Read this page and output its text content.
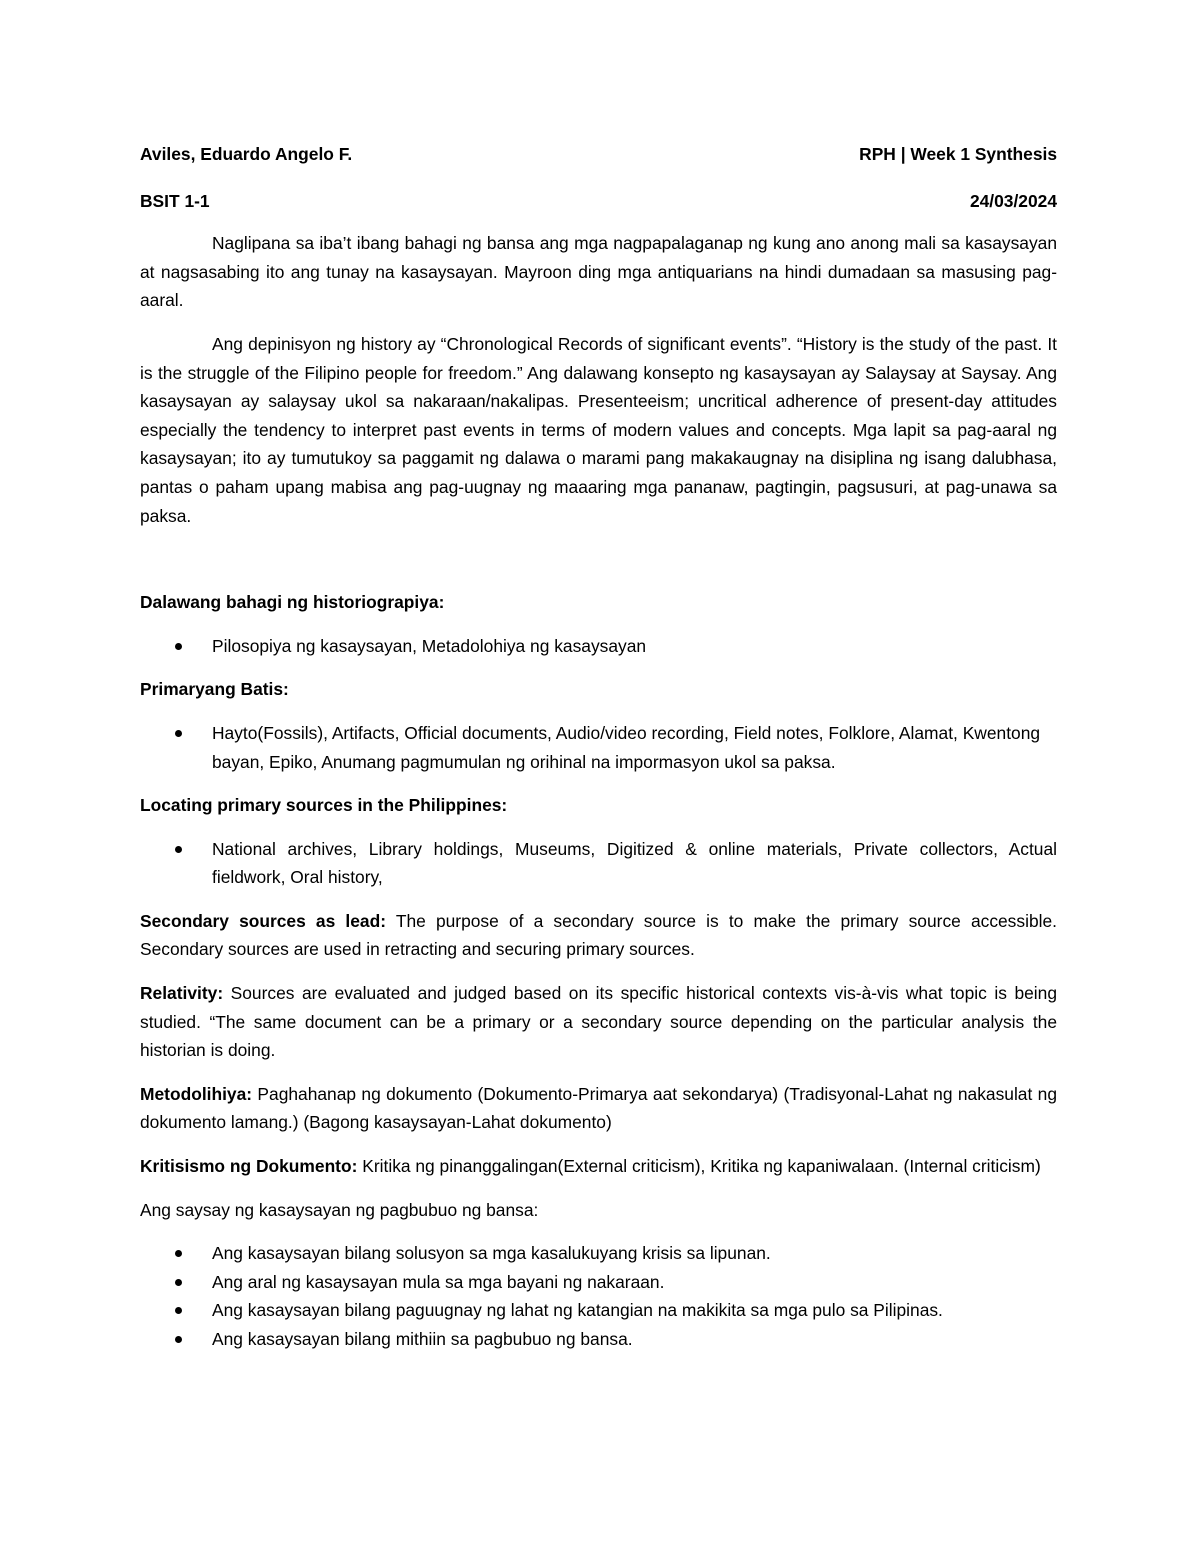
Aviles, Eduardo Angelo F.	RPH | Week 1 Synthesis
BSIT 1-1	24/03/2024

Naglipana sa iba’t ibang bahagi ng bansa ang mga nagpapalaganap ng kung ano anong mali sa kasaysayan at nagsasabing ito ang tunay na kasaysayan. Mayroon ding mga antiquarians na hindi dumadaan sa masusing pag-aaral.

Ang depinisyon ng history ay “Chronological Records of significant events”. “History is the study of the past. It is the struggle of the Filipino people for freedom.” Ang dalawang konsepto ng kasaysayan ay Salaysay at Saysay. Ang kasaysayan ay salaysay ukol sa nakaraan/nakalipas. Presenteeism; uncritical adherence of present-day attitudes especially the tendency to interpret past events in terms of modern values and concepts. Mga lapit sa pag-aaral ng kasaysayan; ito ay tumutukoy sa paggamit ng dalawa o marami pang makakaugnay na disiplina ng isang dalubhasa, pantas o paham upang mabisa ang pag-uugnay ng maaaring mga pananaw, pagtingin, pagsusuri, at pag-unawa sa paksa.

Dalawang bahagi ng historiograpiya:

Pilosopiya ng kasaysayan, Metadolohiya ng kasaysayan

Primaryang Batis:

Hayto(Fossils), Artifacts, Official documents, Audio/video recording, Field notes, Folklore, Alamat, Kwentong bayan, Epiko, Anumang pagmumulan ng orihinal na impormasyon ukol sa paksa.

Locating primary sources in the Philippines:

National archives, Library holdings, Museums, Digitized & online materials, Private collectors, Actual fieldwork, Oral history,

Secondary sources as lead: The purpose of a secondary source is to make the primary source accessible. Secondary sources are used in retracting and securing primary sources.

Relativity: Sources are evaluated and judged based on its specific historical contexts vis-à-vis what topic is being studied. “The same document can be a primary or a secondary source depending on the particular analysis the historian is doing.

Metodolihiya: Paghahanap ng dokumento (Dokumento-Primarya aat sekondarya) (Tradisyonal-Lahat ng nakasulat ng dokumento lamang.) (Bagong kasaysayan-Lahat dokumento)

Kritisismo ng Dokumento: Kritika ng pinanggalingan(External criticism), Kritika ng kapaniwalaan. (Internal criticism)

Ang saysay ng kasaysayan ng pagbubuo ng bansa:

Ang kasaysayan bilang solusyon sa mga kasalukuyang krisis sa lipunan.
Ang aral ng kasaysayan mula sa mga bayani ng nakaraan.
Ang kasaysayan bilang paguugnay ng lahat ng katangian na makikita sa mga pulo sa Pilipinas.
Ang kasaysayan bilang mithiin sa pagbubuo ng bansa.
